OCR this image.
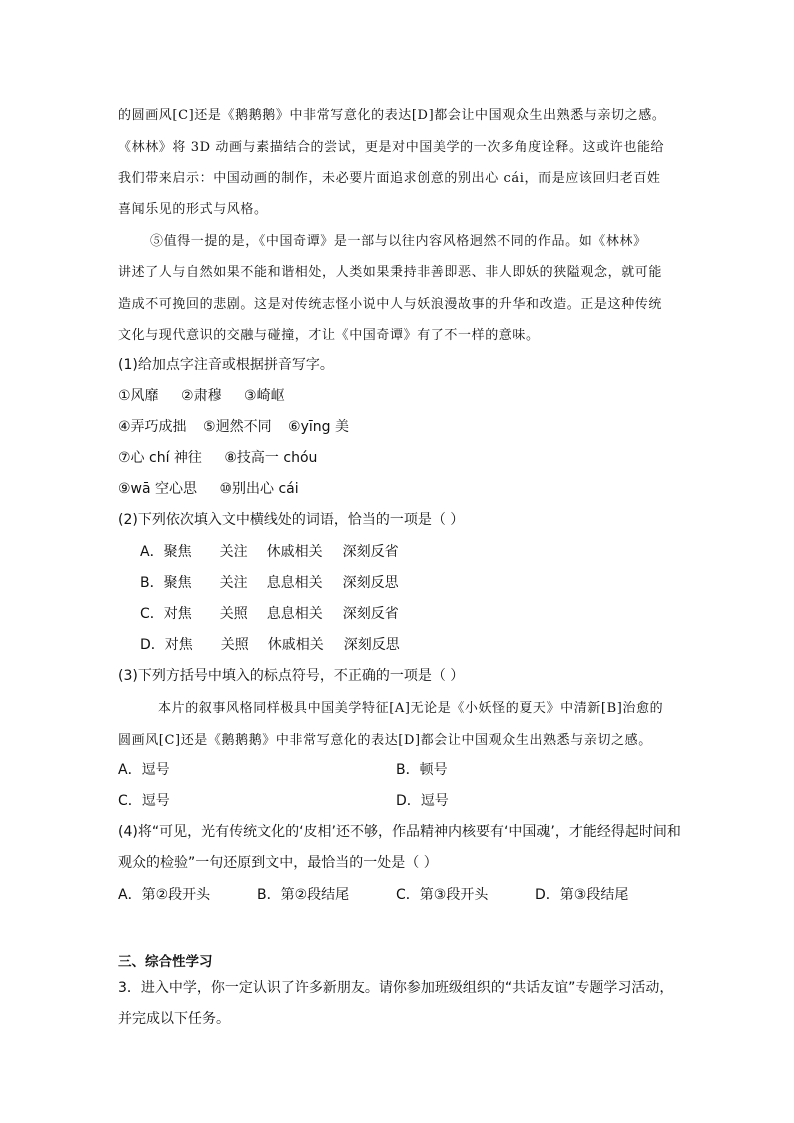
的圆画风[C]还是《鹅鹅鹅》中非常写意化的表达[D]都会让中国观众生出熟悉与亲切之感。
《林林》将 3D 动画与素描结合的尝试，更是对中国美学的一次多角度诠释。这或许也能给
我们带来启示：中国动画的制作，未必要片面追求创意的别出心 cái，而是应该回归老百姓
喜闻乐见的形式与风格。
⑤值得一提的是，《中国奇谭》是一部与以往内容风格迥然不同的作品。如《林林》
讲述了人与自然如果不能和谐相处，人类如果秉持非善即恶、非人即妖的狭隘观念，就可能
造成不可挽回的悲剧。这是对传统志怪小说中人与妖浪漫故事的升华和改造。正是这种传统
文化与现代意识的交融与碰撞，才让《中国奇谭》有了不一样的意味。
(1)给加点字注音或根据拼音写字。
①风靡 ②肃穆 ③崎岖
④弄巧成拙 ⑤迥然不同 ⑥yīng 美
⑦心 chí 神往 ⑧技高一 chóu
⑨wā 空心思 ⑩别出心 cái
(2)下列依次填入文中横线处的词语，恰当的一项是（ ）
A．聚焦 关注 休戚相关 深刻反省
B．聚焦 关注 息息相关 深刻反思
C．对焦 关照 息息相关 深刻反省
D．对焦 关照 休戚相关 深刻反思
(3)下列方括号中填入的标点符号，不正确的一项是（ ）
本片的叙事风格同样极具中国美学特征[A]无论是《小妖怪的夏天》中清新[B]治愈的
圆画风[C]还是《鹅鹅鹅》中非常写意化的表达[D]都会让中国观众生出熟悉与亲切之感。
A．逗号	B．顿号
C．逗号	D．逗号
(4)将“可见，光有传统文化的‘皮相’还不够，作品精神内核要有‘中国魂’，才能经得起时间和
观众的检验”一句还原到文中，最恰当的一处是（ ）
A．第②段开头	B．第②段结尾	C．第③段开头	D．第③段结尾
三、综合性学习
3．进入中学，你一定认识了许多新朋友。请你参加班级组织的“共话友谊”专题学习活动，
并完成以下任务。
